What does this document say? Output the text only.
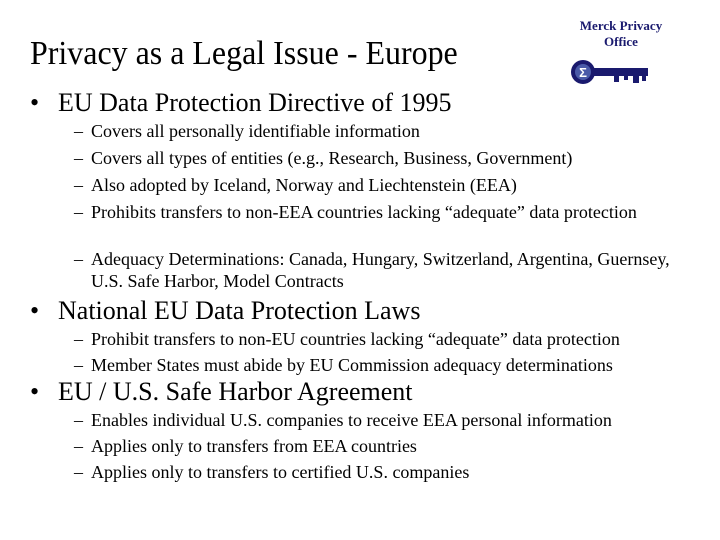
Privacy as a Legal Issue - Europe
Merck Privacy
Office
Σ
• EU Data Protection Directive of 1995
– Covers all personally identifiable information
– Covers all types of entities (e.g., Research, Business, Government)
– Also adopted by Iceland, Norway and Liechtenstein (EEA)
– Prohibits transfers to non-EEA countries lacking “adequate” data protection
– Adequacy Determinations: Canada, Hungary, Switzerland, Argentina, Guernsey, U.S. Safe Harbor, Model Contracts
• National EU Data Protection Laws
– Prohibit transfers to non-EU countries lacking “adequate” data protection
– Member States must abide by EU Commission adequacy determinations
• EU / U.S. Safe Harbor Agreement
– Enables individual U.S. companies to receive EEA personal information
– Applies only to transfers from EEA countries
– Applies only to transfers to certified U.S. companies
